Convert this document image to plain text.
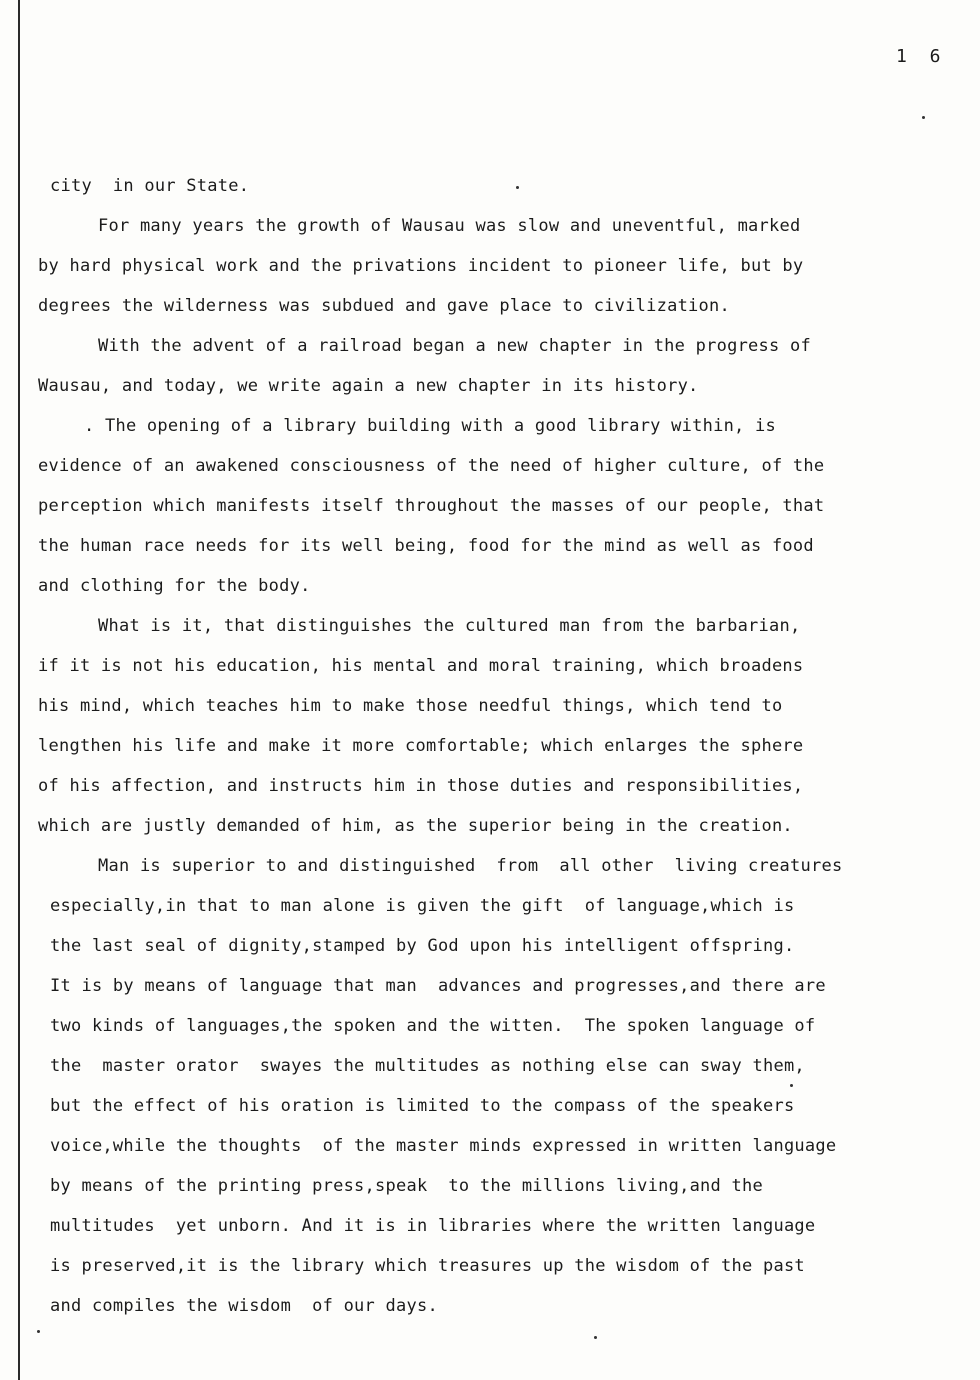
1 6
city  in our State.
For many years the growth of Wausau was slow and uneventful, marked
by hard physical work and the privations incident to pioneer life, but by
degrees the wilderness was subdued and gave place to civilization.
With the advent of a railroad began a new chapter in the progress of
Wausau, and today, we write again a new chapter in its history.
. The opening of a library building with a good library within, is
evidence of an awakened consciousness of the need of higher culture, of the
perception which manifests itself throughout the masses of our people, that
the human race needs for its well being, food for the mind as well as food
and clothing for the body.
What is it, that distinguishes the cultured man from the barbarian,
if it is not his education, his mental and moral training, which broadens
his mind, which teaches him to make those needful things, which tend to
lengthen his life and make it more comfortable; which enlarges the sphere
of his affection, and instructs him in those duties and responsibilities,
which are justly demanded of him, as the superior being in the creation.
Man is superior to and distinguished  from  all other  living creatures
especially,in that to man alone is given the gift  of language,which is
the last seal of dignity,stamped by God upon his intelligent offspring.
It is by means of language that man  advances and progresses,and there are
two kinds of languages,the spoken and the witten.  The spoken language of
the  master orator  swayes the multitudes as nothing else can sway them,
but the effect of his oration is limited to the compass of the speakers
voice,while the thoughts  of the master minds expressed in written language
by means of the printing press,speak  to the millions living,and the
multitudes  yet unborn. And it is in libraries where the written language
is preserved,it is the library which treasures up the wisdom of the past
and compiles the wisdom  of our days.
